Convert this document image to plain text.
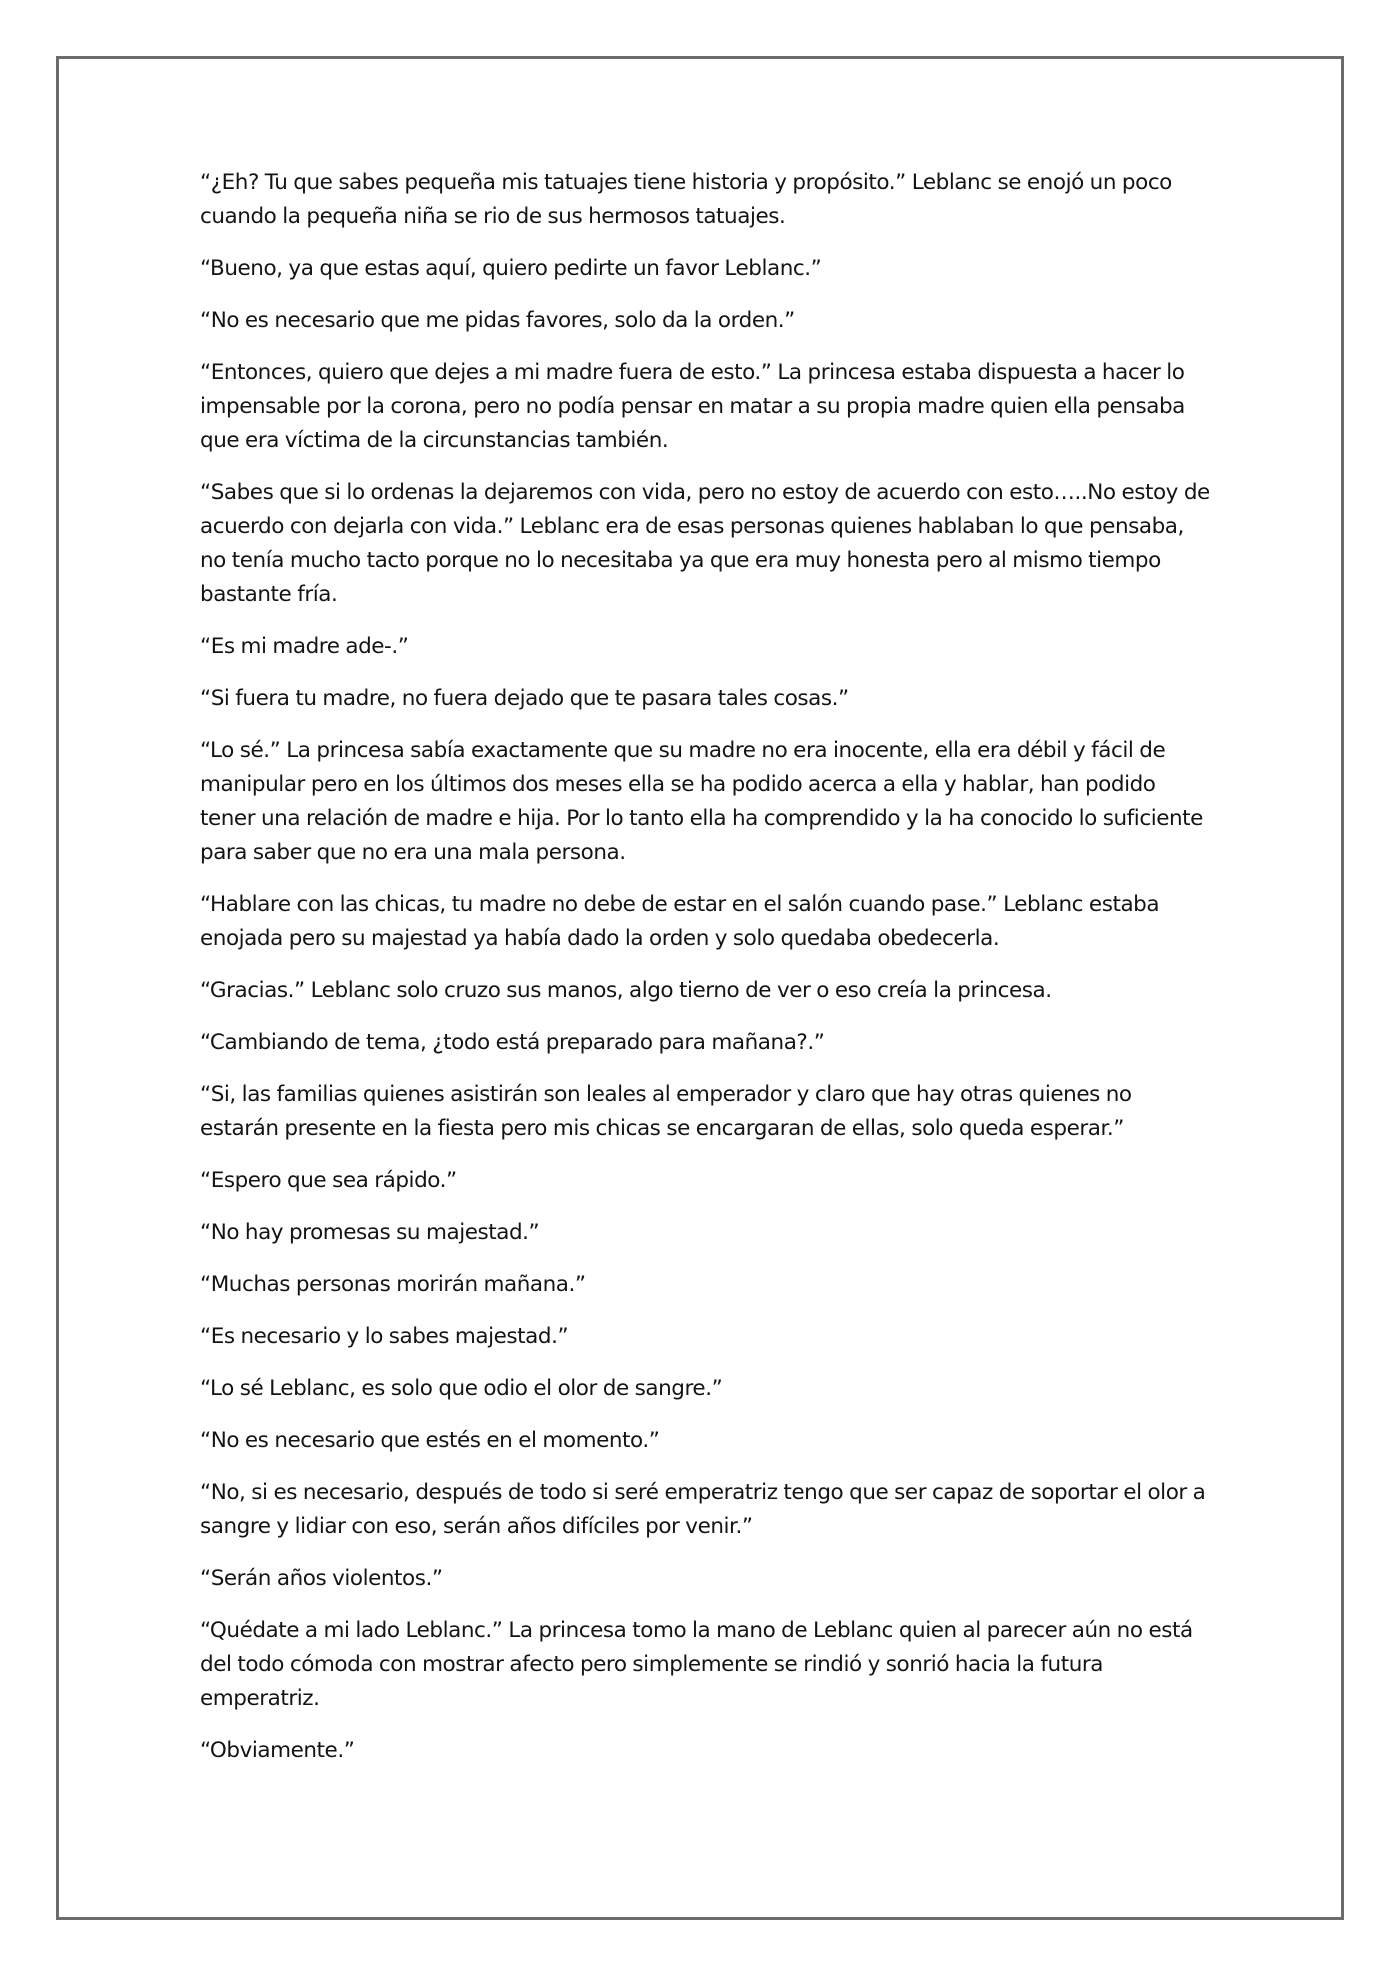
“¿Eh? Tu que sabes pequeña mis tatuajes tiene historia y propósito.” Leblanc se enojó un poco cuando la pequeña niña se rio de sus hermosos tatuajes.

“Bueno, ya que estas aquí, quiero pedirte un favor Leblanc.”

“No es necesario que me pidas favores, solo da la orden.”

“Entonces, quiero que dejes a mi madre fuera de esto.” La princesa estaba dispuesta a hacer lo impensable por la corona, pero no podía pensar en matar a su propia madre quien ella pensaba que era víctima de la circunstancias también.

“Sabes que si lo ordenas la dejaremos con vida, pero no estoy de acuerdo con esto…..No estoy de acuerdo con dejarla con vida.” Leblanc era de esas personas quienes hablaban lo que pensaba, no tenía mucho tacto porque no lo necesitaba ya que era muy honesta pero al mismo tiempo bastante fría.

“Es mi madre ade-.”

“Si fuera tu madre, no fuera dejado que te pasara tales cosas.”

“Lo sé.” La princesa sabía exactamente que su madre no era inocente, ella era débil y fácil de manipular pero en los últimos dos meses ella se ha podido acerca a ella y hablar, han podido tener una relación de madre e hija. Por lo tanto ella ha comprendido y la ha conocido lo suficiente para saber que no era una mala persona.

“Hablare con las chicas, tu madre no debe de estar en el salón cuando pase.” Leblanc estaba enojada pero su majestad ya había dado la orden y solo quedaba obedecerla.

“Gracias.” Leblanc solo cruzo sus manos, algo tierno de ver o eso creía la princesa.

“Cambiando de tema, ¿todo está preparado para mañana?.”

“Si, las familias quienes asistirán son leales al emperador y claro que hay otras quienes no estarán presente en la fiesta pero mis chicas se encargaran de ellas, solo queda esperar.”

“Espero que sea rápido.”

“No hay promesas su majestad.”

“Muchas personas morirán mañana.”

“Es necesario y lo sabes majestad.”

“Lo sé Leblanc, es solo que odio el olor de sangre.”

“No es necesario que estés en el momento.”

“No, si es necesario, después de todo si seré emperatriz tengo que ser capaz de soportar el olor a sangre y lidiar con eso, serán años difíciles por venir.”

“Serán años violentos.”

“Quédate a mi lado Leblanc.” La princesa tomo la mano de Leblanc quien al parecer aún no está del todo cómoda con mostrar afecto pero simplemente se rindió y sonrió hacia la futura emperatriz.

“Obviamente.”
